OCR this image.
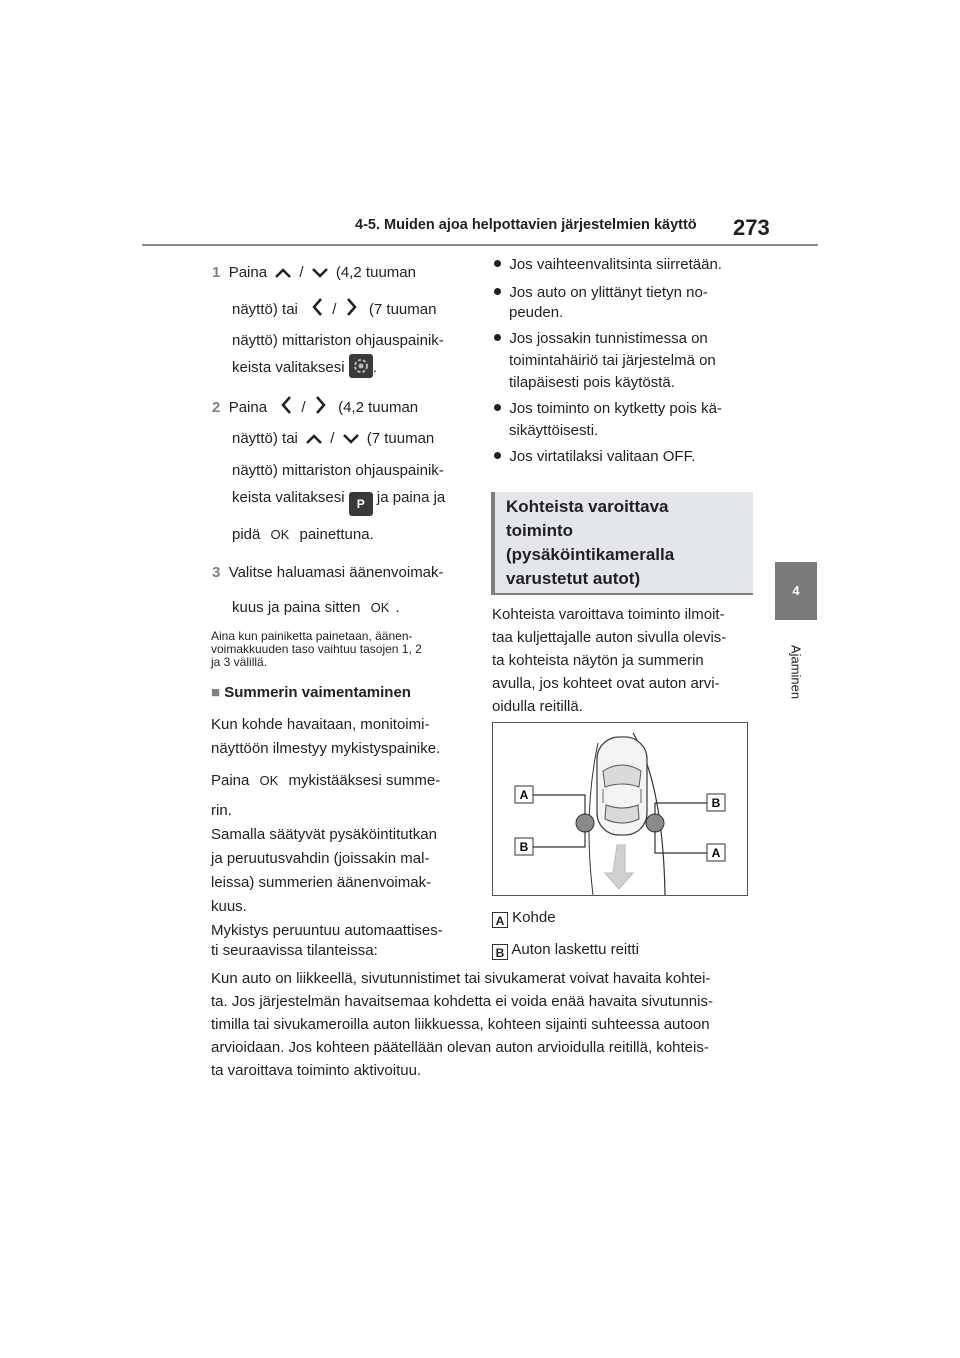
4-5. Muiden ajoa helpottavien järjestelmien käyttö 273
4
Ajaminen
1 Paina / (4,2 tuuman
näyttö) tai / (7 tuuman
näyttö) mittariston ohjauspainik-
keista valitaksesi .
2 Paina / (4,2 tuuman
näyttö) tai / (7 tuuman
näyttö) mittariston ohjauspainik-
keista valitaksesi P ja paina ja
pidä OK painettuna.
3 Valitse haluamasi äänenvoimak-
kuus ja paina sitten OK .
Aina kun painiketta painetaan, äänen-
voimakkuuden taso vaihtuu tasojen 1, 2
ja 3 välillä.
■ Summerin vaimentaminen
Kun kohde havaitaan, monitoimi-
näyttöön ilmestyy mykistyspainike.
Paina OK mykistääksesi summe-
rin.
Samalla säätyvät pysäköintitutkan
ja peruutusvahdin (joissakin mal-
leissa) summerien äänenvoimak-
kuus.
Mykistys peruuntuu automaattises-
ti seuraavissa tilanteissa:
Jos vaihteenvalitsinta siirretään.
Jos auto on ylittänyt tietyn no-
peuden.
Jos jossakin tunnistimessa on
toimintahäiriö tai järjestelmä on
tilapäisesti pois käytöstä.
Jos toiminto on kytketty pois kä-
sikäyttöisesti.
Jos virtatilaksi valitaan OFF.
Kohteista varoittava
toiminto
(pysäköintikameralla
varustetut autot)
Kohteista varoittava toiminto ilmoit-
taa kuljettajalle auton sivulla olevis-
ta kohteista näytön ja summerin
avulla, jos kohteet ovat auton arvi-
oidulla reitillä.
A
B
B
A
A Kohde
B Auton laskettu reitti
Kun auto on liikkeellä, sivutunnistimet tai sivukamerat voivat havaita kohtei-
ta. Jos järjestelmän havaitsemaa kohdetta ei voida enää havaita sivutunnis-
timilla tai sivukameroilla auton liikkuessa, kohteen sijainti suhteessa autoon
arvioidaan. Jos kohteen päätellään olevan auton arvioidulla reitillä, kohteis-
ta varoittava toiminto aktivoituu.
